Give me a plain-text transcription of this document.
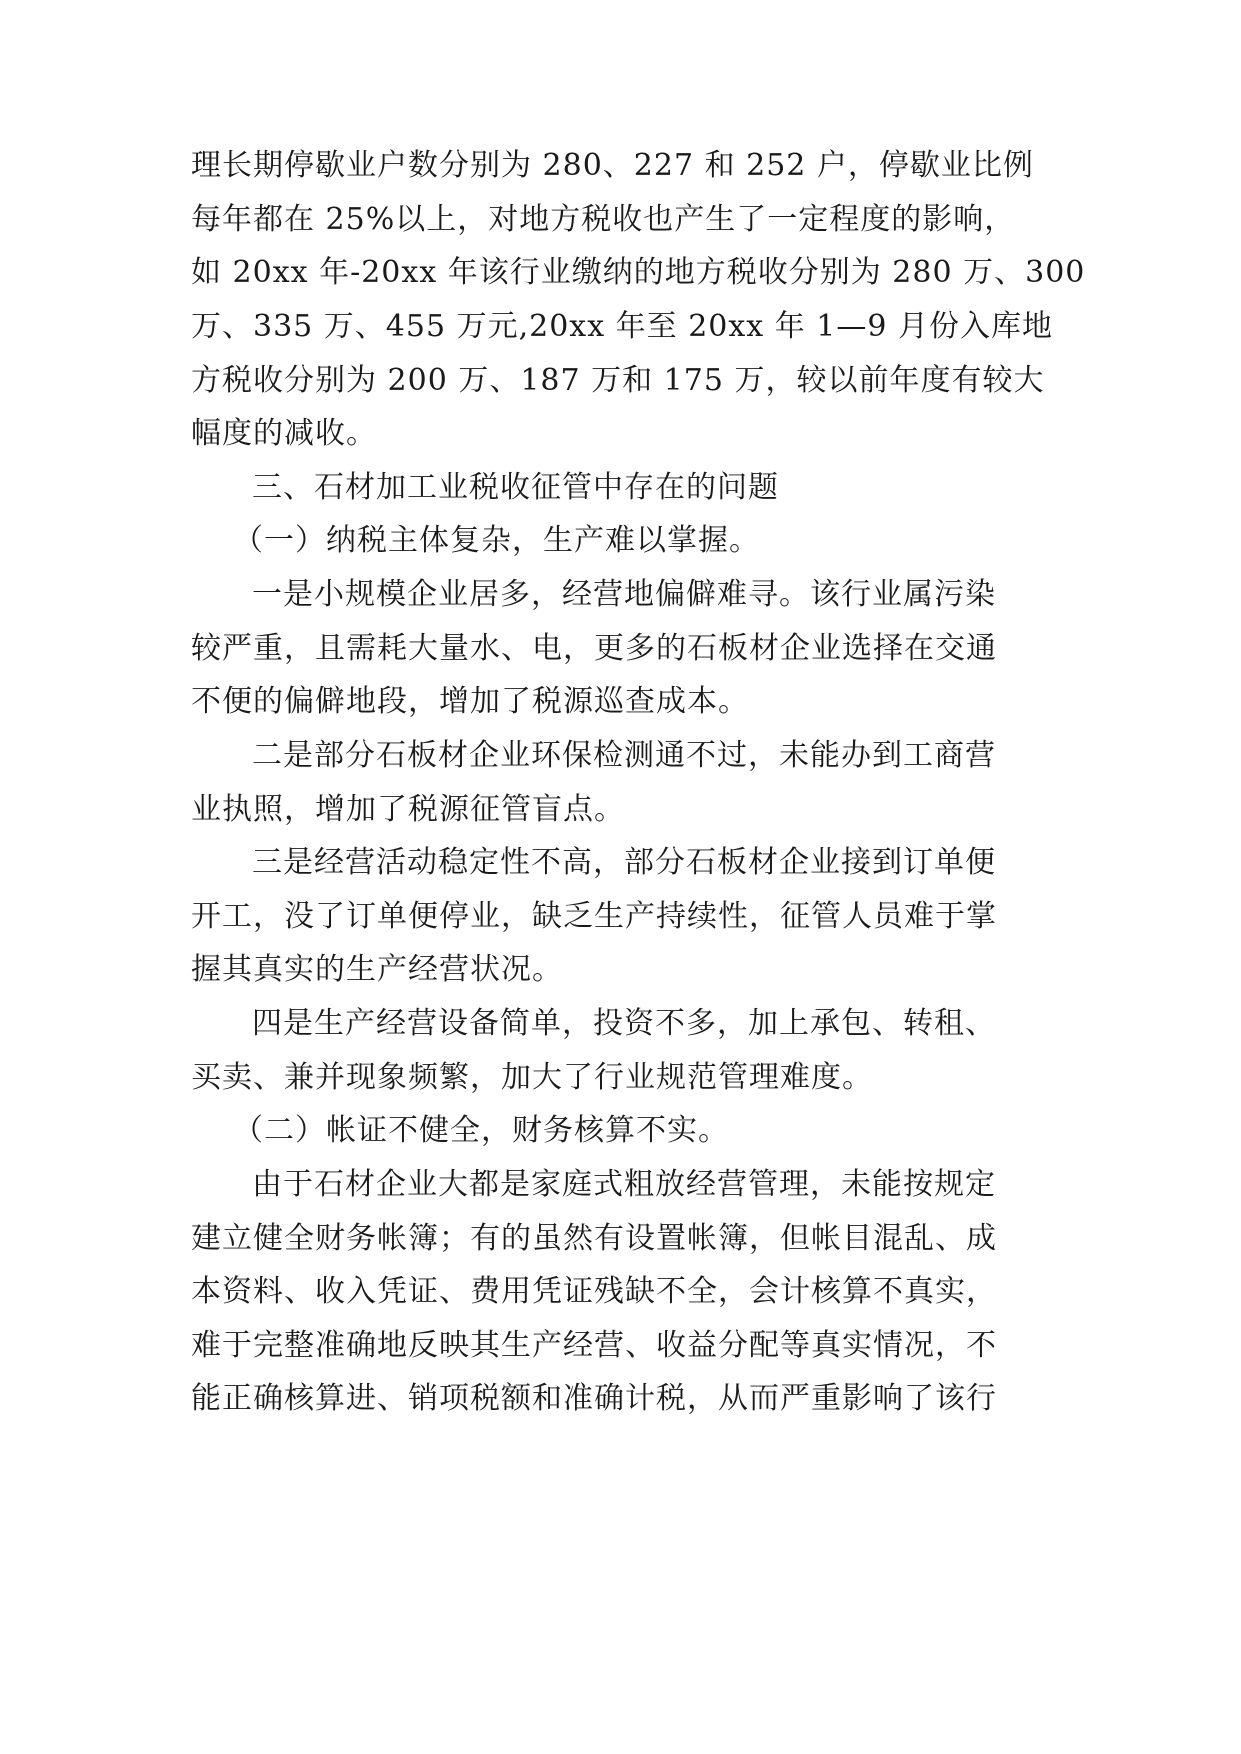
理长期停歇业户数分别为 280、227 和 252 户，停歇业比例
每年都在 25%以上，对地方税收也产生了一定程度的影响，
如 20xx 年-20xx 年该行业缴纳的地方税收分别为 280 万、300
万、335 万、455 万元,20xx 年至 20xx 年 1—9 月份入库地
方税收分别为 200 万、187 万和 175 万，较以前年度有较大
幅度的减收。
三、石材加工业税收征管中存在的问题
（一）纳税主体复杂，生产难以掌握。
一是小规模企业居多，经营地偏僻难寻。该行业属污染
较严重，且需耗大量水、电，更多的石板材企业选择在交通
不便的偏僻地段，增加了税源巡查成本。
二是部分石板材企业环保检测通不过，未能办到工商营
业执照，增加了税源征管盲点。
三是经营活动稳定性不高，部分石板材企业接到订单便
开工，没了订单便停业，缺乏生产持续性，征管人员难于掌
握其真实的生产经营状况。
四是生产经营设备简单，投资不多，加上承包、转租、
买卖、兼并现象频繁，加大了行业规范管理难度。
（二）帐证不健全，财务核算不实。
由于石材企业大都是家庭式粗放经营管理，未能按规定
建立健全财务帐簿；有的虽然有设置帐簿，但帐目混乱、成
本资料、收入凭证、费用凭证残缺不全，会计核算不真实，
难于完整准确地反映其生产经营、收益分配等真实情况，不
能正确核算进、销项税额和准确计税，从而严重影响了该行
